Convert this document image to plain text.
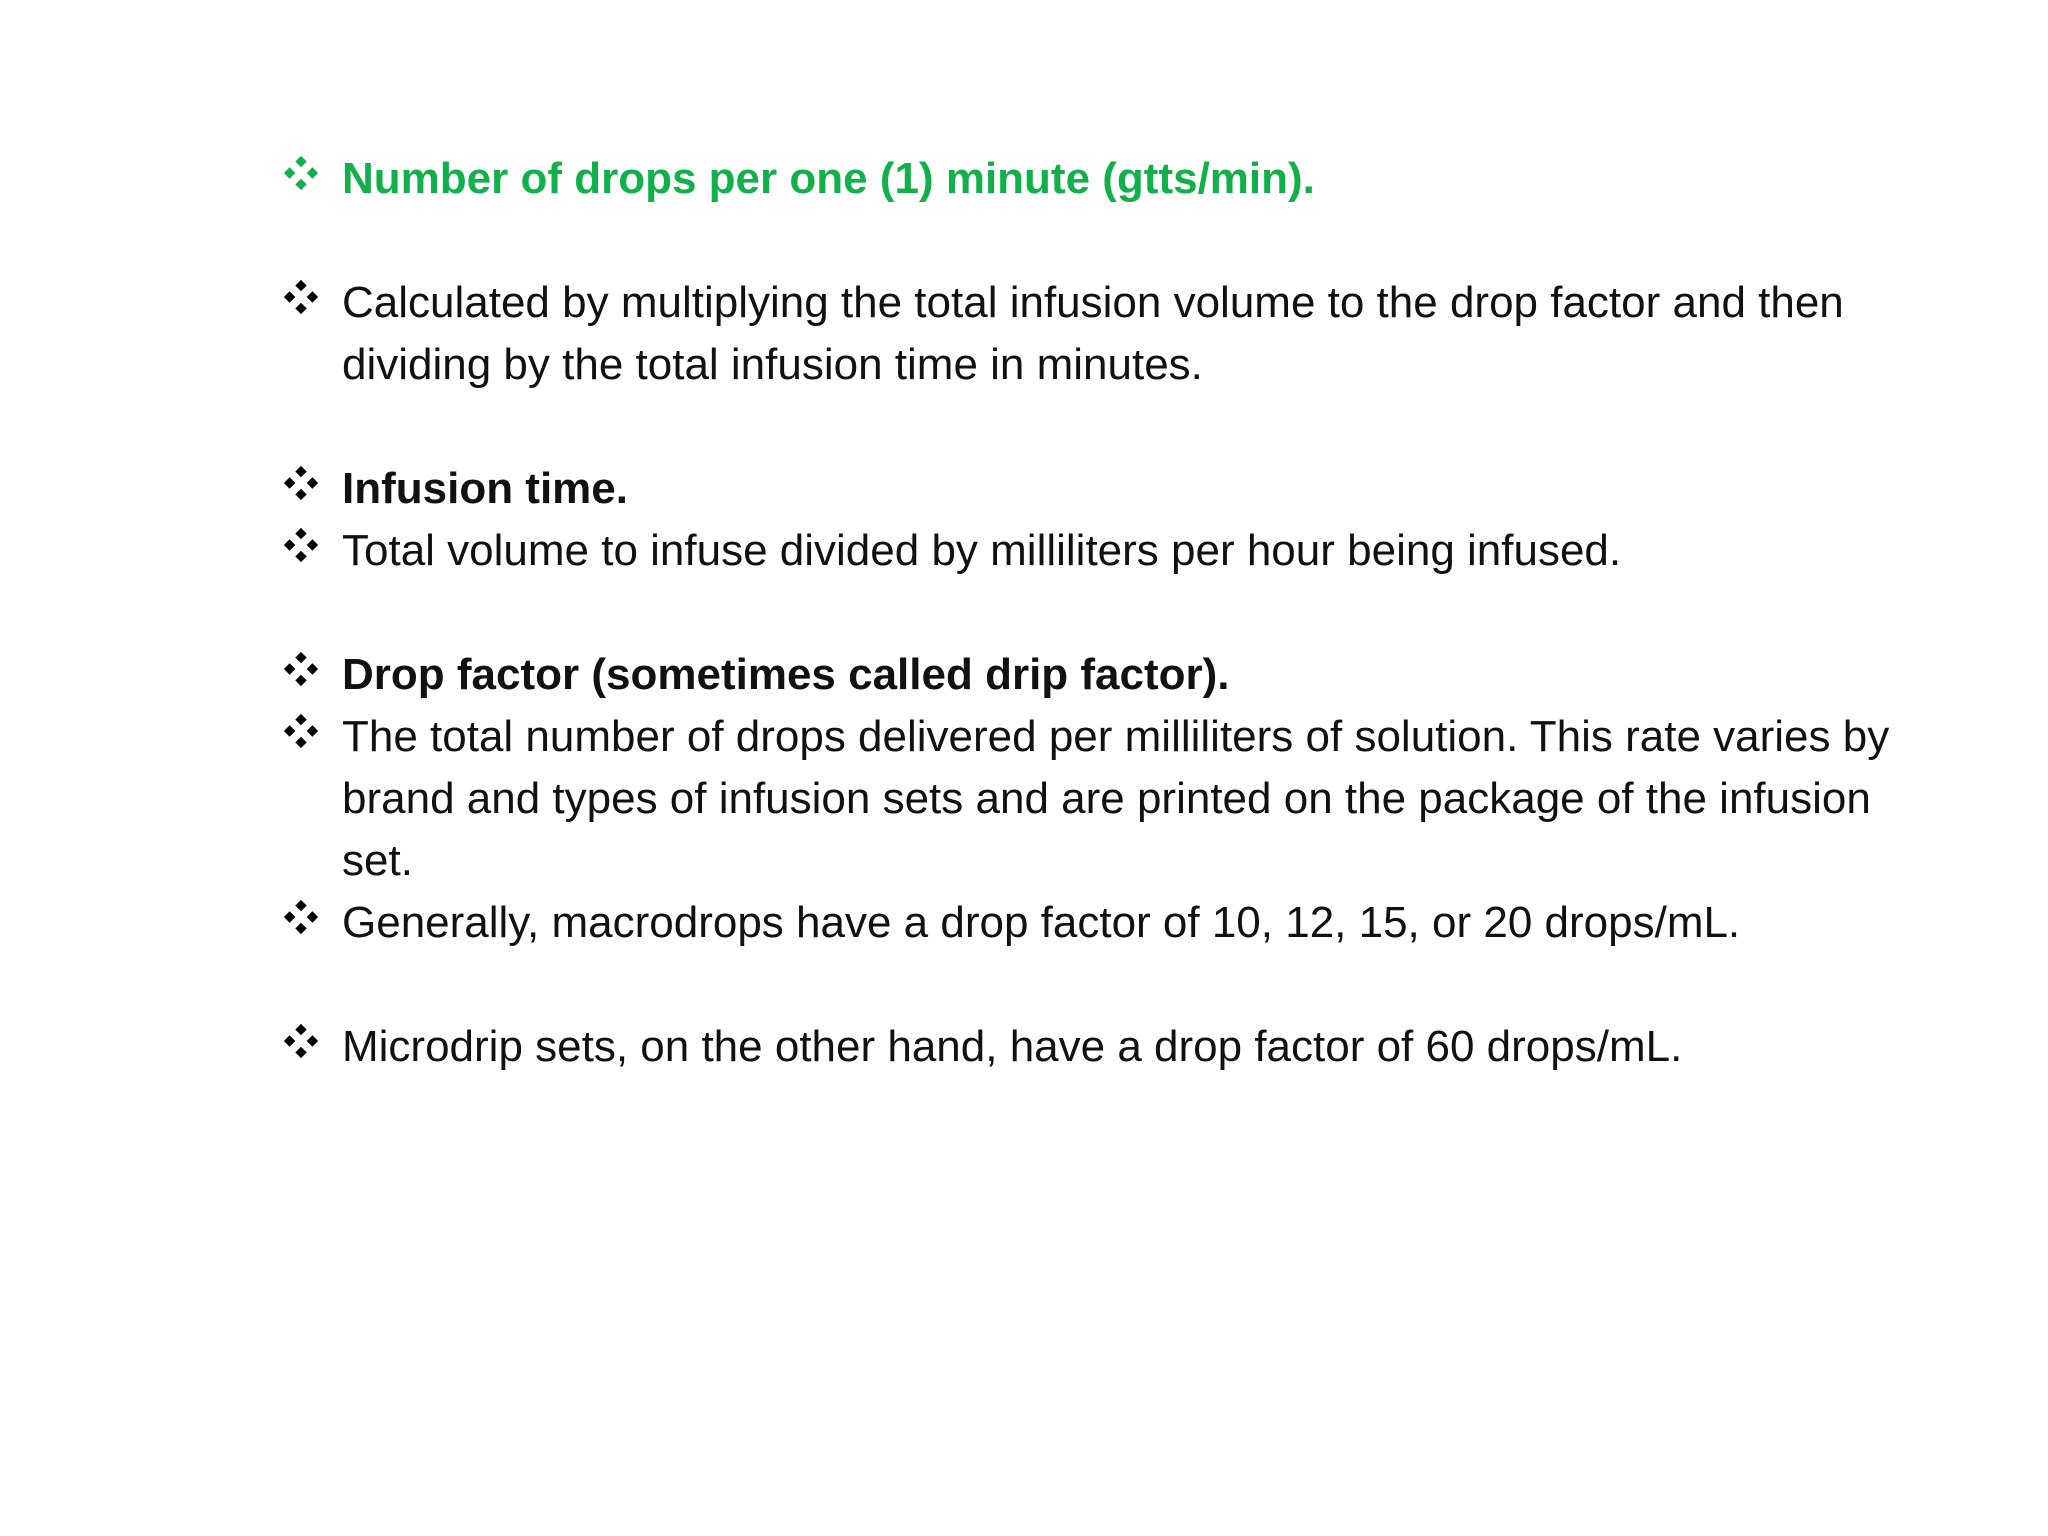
Number of drops per one (1) minute (gtts/min).
Calculated by multiplying the total infusion volume to the drop factor and then dividing by the total infusion time in minutes.
Infusion time.
Total volume to infuse divided by milliliters per hour being infused.
Drop factor (sometimes called drip factor).
The total number of drops delivered per milliliters of solution. This rate varies by brand and types of infusion sets and are printed on the package of the infusion set.
Generally, macrodrops have a drop factor of 10, 12, 15, or 20 drops/mL.
Microdrip sets, on the other hand, have a drop factor of 60 drops/mL.
